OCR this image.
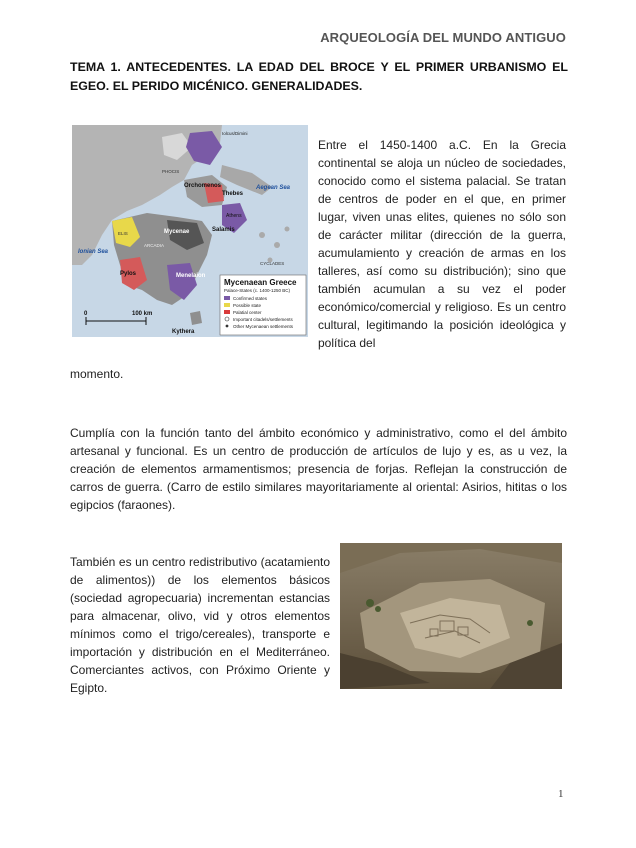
ARQUEOLOGÍA DEL MUNDO ANTIGUO
TEMA 1. ANTECEDENTES. LA EDAD DEL BROCE Y EL PRIMER URBANISMO EL EGEO. EL PERIDO MICÉNICO. GENERALIDADES.
Mycenaean Greece
Palace-States (c. 1400-1250 BC)
Confirmed states
Possible state
Palatial center
Important citadels/settlements
Other Mycenaean settlements
0	100 km
Aegean Sea
Ionian Sea
CYCLADES
Iolcus/Dimini
Orchomenos
Thebes
Athens
Salamis
Mycenae
Pylos	Menelaion
Kythera
ELIS
ARCADIA
PHOCIS

Entre el 1450-1400 a.C. En la Grecia continental se aloja un núcleo de sociedades, conocido como el sistema palacial. Se tratan de centros de poder en el que, en primer lugar, viven unas elites, quienes no sólo son de carácter militar (dirección de la guerra, acumulamiento y creación de armas en los talleres, así como su distribución); sino que también acumulan a su vez el poder económico/comercial y religioso. Es un centro cultural, legitimando la posición ideológica y política del

momento.

Cumplía con la función tanto del ámbito económico y administrativo, como el del ámbito artesanal y funcional. Es un centro de producción de artículos de lujo y es, as u vez, la creación de elementos armamentismos; presencia de forjas. Reflejan la construcción de carros de guerra. (Carro de estilo similares mayoritariamente al oriental: Asirios, hititas o los egipcios (faraones).

También es un centro redistributivo (acatamiento de alimentos)) de los elementos básicos (sociedad agropecuaria) incrementan estancias para almacenar, olivo, vid y otros elementos mínimos como el trigo/cereales), transporte e importación y distribución en el Mediterráneo. Comerciantes activos, con Próximo Oriente y Egipto.

1
